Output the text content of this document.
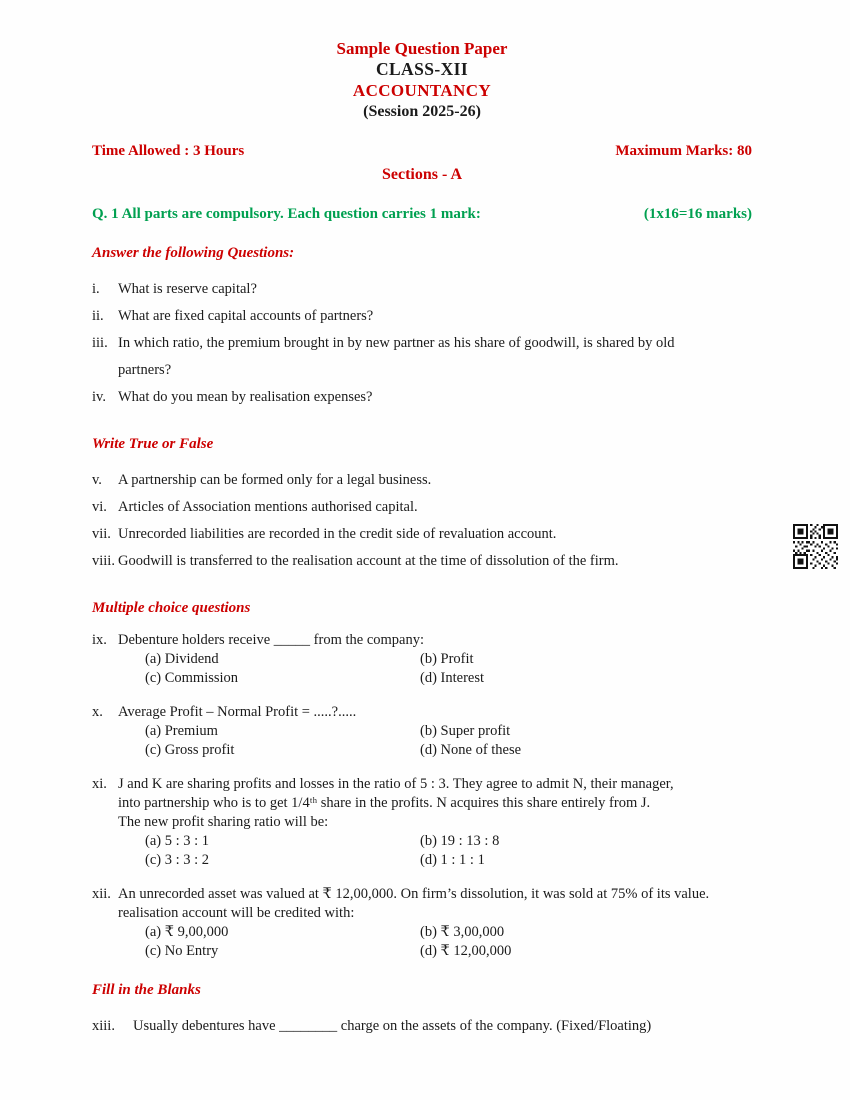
Sample Question Paper
CLASS-XII
ACCOUNTANCY
(Session 2025-26)
Time Allowed : 3 Hours	Maximum Marks: 80
Sections - A
Q. 1 All parts are compulsory. Each question carries 1 mark:	(1x16=16 marks)
Answer the following Questions:
i.	What is reserve capital?
ii. What are fixed capital accounts of partners?
iii. In which ratio, the premium brought in by new partner as his share of goodwill, is shared by old
partners?
iv. What do you mean by realisation expenses?
Write True or False
v.	A partnership can be formed only for a legal business.
vi. Articles of Association mentions authorised capital.
vii. Unrecorded liabilities are recorded in the credit side of revaluation account.
viii. Goodwill is transferred to the realisation account at the time of dissolution of the firm.
Multiple choice questions
ix. Debenture holders receive _____ from the company:
(a) Dividend	(b) Profit
(c) Commission	(d) Interest
x.	Average Profit – Normal Profit = .....?.....
(a) Premium	(b) Super profit
(c) Gross profit	(d) None of these
xi. J and K are sharing profits and losses in the ratio of 5 : 3. They agree to admit N, their manager,
into partnership who is to get 1/4ᵗʰ share in the profits. N acquires this share entirely from J.
The new profit sharing ratio will be:
(a) 5 : 3 : 1	(b) 19 : 13 : 8
(c) 3 : 3 : 2	(d) 1 : 1 : 1
xii. An unrecorded asset was valued at ₹ 12,00,000. On firm’s dissolution, it was sold at 75% of its value.
realisation account will be credited with:
(a) ₹ 9,00,000	(b) ₹ 3,00,000
(c) No Entry	(d) ₹ 12,00,000
Fill in the Blanks
xiii.	Usually debentures have ________ charge on the assets of the company. (Fixed/Floating)
